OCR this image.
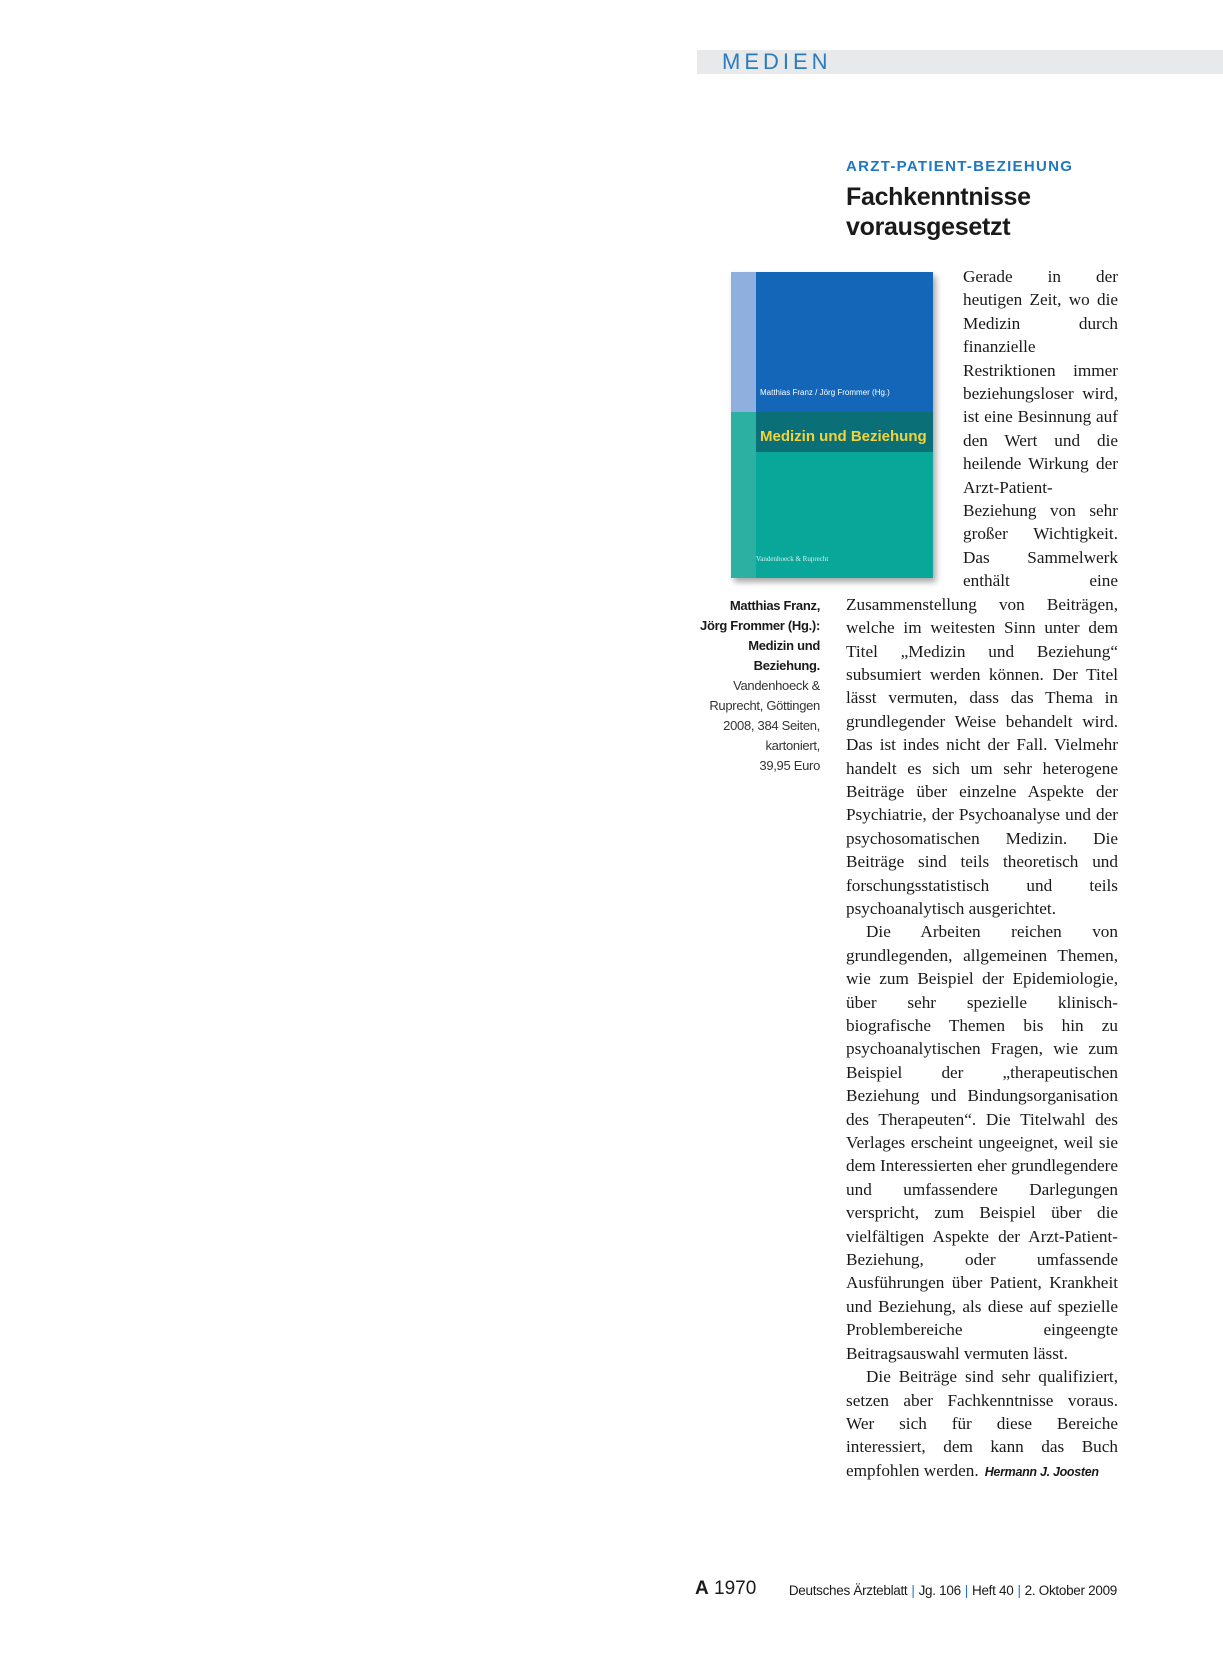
MEDIEN
ARZT-PATIENT-BEZIEHUNG
Fachkenntnisse
vorausgesetzt
Matthias Franz / Jörg Frommer (Hg.)
Medizin und Beziehung
Vandenhoeck & Ruprecht
Matthias Franz,
Jörg Frommer (Hg.):
Medizin und
Beziehung.
Vandenhoeck &
Ruprecht, Göttingen
2008, 384 Seiten,
kartoniert,
39,95 Euro

Gerade in der heutigen Zeit, wo die Medizin durch finanzielle Restriktionen immer beziehungsloser wird, ist eine Besinnung auf den Wert und die heilende Wirkung der Arzt-Patient-Beziehung von sehr großer Wichtigkeit. Das Sammelwerk enthält eine Zusammenstellung von Beiträgen, welche im weitesten Sinn unter dem Titel „Medizin und Beziehung“ subsumiert werden können. Der Titel lässt vermuten, dass das Thema in grundlegender Weise behandelt wird. Das ist indes nicht der Fall. Vielmehr handelt es sich um sehr heterogene Beiträge über einzelne Aspekte der Psychiatrie, der Psychoanalyse und der psychosomatischen Medizin. Die Beiträge sind teils theoretisch und forschungsstatistisch und teils psychoanalytisch ausgerichtet.

Die Arbeiten reichen von grundlegenden, allgemeinen Themen, wie zum Beispiel der Epidemiologie, über sehr spezielle klinisch-biografische Themen bis hin zu psychoanalytischen Fragen, wie zum Beispiel der „therapeutischen Beziehung und Bindungsorganisation des Therapeuten“. Die Titelwahl des Verlages erscheint ungeeignet, weil sie dem Interessierten eher grundlegendere und umfassendere Darlegungen verspricht, zum Beispiel über die vielfältigen Aspekte der Arzt-Patient-Beziehung, oder umfassende Ausführungen über Patient, Krankheit und Beziehung, als diese auf spezielle Problembereiche eingeengte Beitragsauswahl vermuten lässt.

Die Beiträge sind sehr qualifiziert, setzen aber Fachkenntnisse voraus. Wer sich für diese Bereiche interessiert, dem kann das Buch empfohlen werden. Hermann J. Joosten

A 1970 Deutsches Ärzteblatt | Jg. 106 | Heft 40 | 2. Oktober 2009
